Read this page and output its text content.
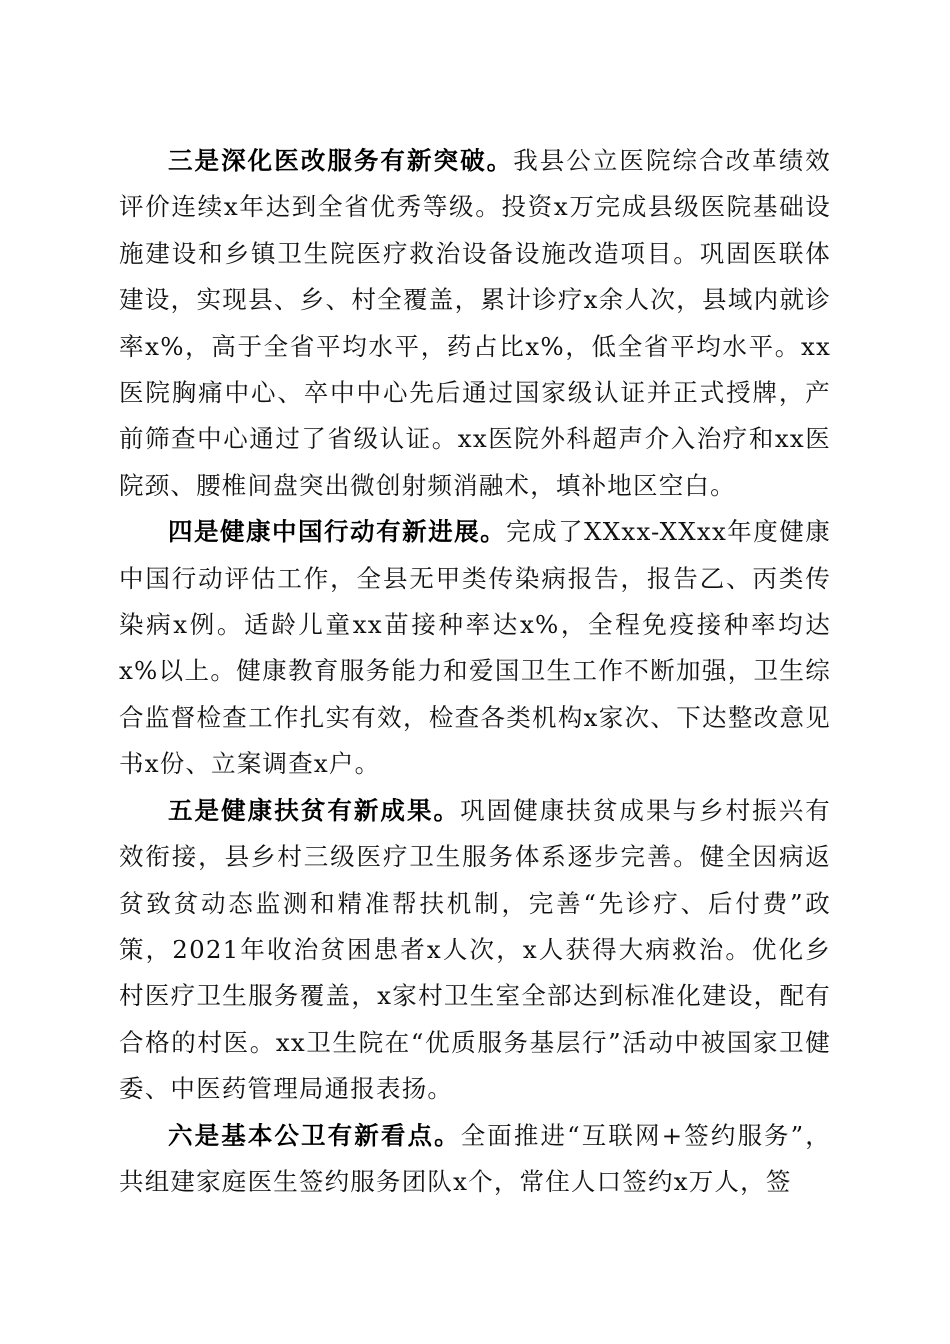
三是深化医改服务有新突破。我县公立医院综合改革绩效评价连续x年达到全省优秀等级。投资x万完成县级医院基础设施建设和乡镇卫生院医疗救治设备设施改造项目。巩固医联体建设，实现县、乡、村全覆盖，累计诊疗x余人次，县域内就诊率x%，高于全省平均水平，药占比x%，低全省平均水平。xx医院胸痛中心、卒中中心先后通过国家级认证并正式授牌，产前筛查中心通过了省级认证。xx医院外科超声介入治疗和xx医院颈、腰椎间盘突出微创射频消融术，填补地区空白。

四是健康中国行动有新进展。完成了XXxx-XXxx年度健康中国行动评估工作，全县无甲类传染病报告，报告乙、丙类传染病x例。适龄儿童xx苗接种率达x%，全程免疫接种率均达x%以上。健康教育服务能力和爱国卫生工作不断加强，卫生综合监督检查工作扎实有效，检查各类机构x家次、下达整改意见书x份、立案调查x户。

五是健康扶贫有新成果。巩固健康扶贫成果与乡村振兴有效衔接，县乡村三级医疗卫生服务体系逐步完善。健全因病返贫致贫动态监测和精准帮扶机制，完善“先诊疗、后付费”政策，2021年收治贫困患者x人次，x人获得大病救治。优化乡村医疗卫生服务覆盖，x家村卫生室全部达到标准化建设，配有合格的村医。xx卫生院在“优质服务基层行”活动中被国家卫健委、中医药管理局通报表扬。

六是基本公卫有新看点。全面推进“互联网+签约服务”，共组建家庭医生签约服务团队x个，常住人口签约x万人，签
